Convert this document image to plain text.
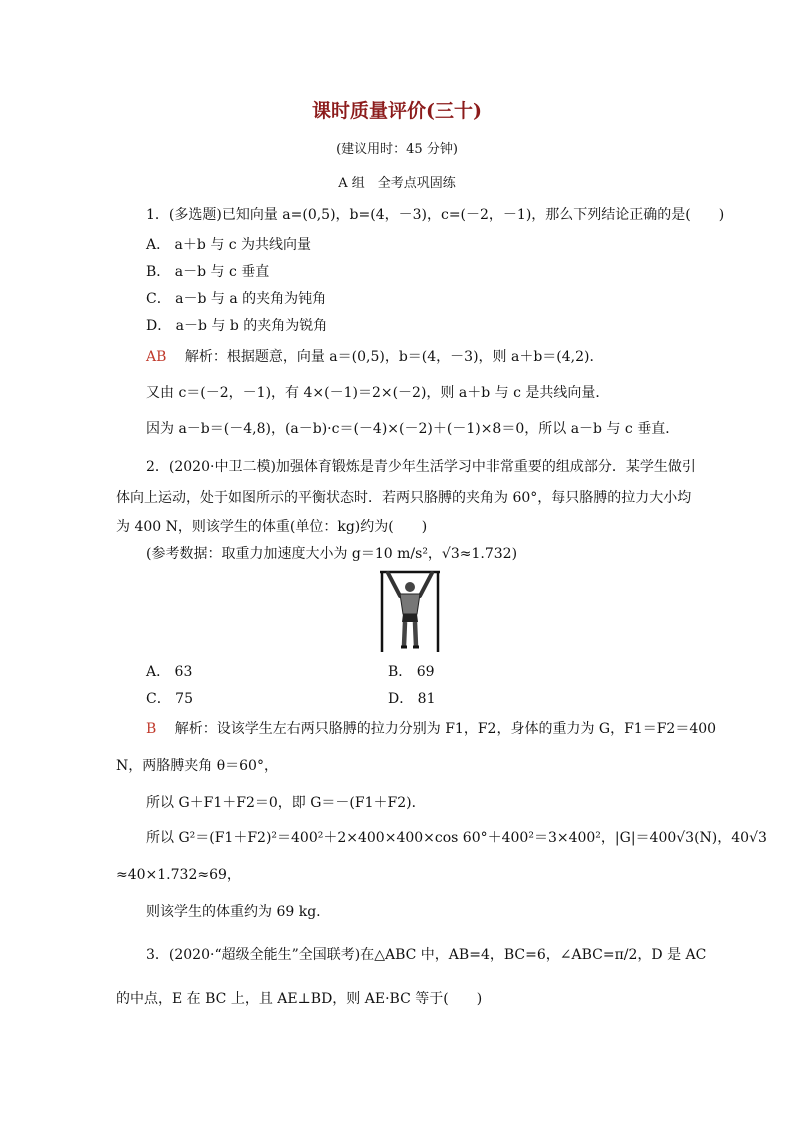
课时质量评价(三十)
(建议用时：45 分钟)
A 组　全考点巩固练
1．(多选题)已知向量 a=(0,5)，b=(4，－3)，c=(－2，－1)，那么下列结论正确的是(　　)
A． a＋b 与 c 为共线向量
B． a－b 与 c 垂直
C． a－b 与 a 的夹角为钝角
D． a－b 与 b 的夹角为锐角
AB 解析：根据题意，向量 a＝(0,5)，b＝(4，－3)，则 a＋b＝(4,2)．
又由 c＝(－2，－1)，有 4×(－1)＝2×(－2)，则 a＋b 与 c 是共线向量．
因为 a－b＝(－4,8)，(a－b)·c＝(－4)×(－2)＋(－1)×8＝0，所以 a－b 与 c 垂直．
2．(2020·中卫二模)加强体育锻炼是青少年生活学习中非常重要的组成部分．某学生做引
体向上运动，处于如图所示的平衡状态时．若两只胳膊的夹角为 60°，每只胳膊的拉力大小均
为 400 N，则该学生的体重(单位：kg)约为(　　)
(参考数据：取重力加速度大小为 g＝10 m/s²，√3≈1.732)
A． 63	B． 69
C． 75	D． 81
B 解析：设该学生左右两只胳膊的拉力分别为 F1，F2，身体的重力为 G，F1＝F2＝400
N，两胳膊夹角 θ＝60°，
所以 G＋F1＋F2＝0，即 G＝－(F1＋F2)．
所以 G²＝(F1＋F2)²＝400²＋2×400×400×cos 60°＋400²＝3×400²，|G|＝400√3(N)，40√3
≈40×1.732≈69，
则该学生的体重约为 69 kg.
3．(2020·“超级全能生”全国联考)在△ABC 中，AB=4，BC=6，∠ABC=π/2，D 是 AC
的中点，E 在 BC 上，且 AE⊥BD，则 AE·BC 等于(　　)
